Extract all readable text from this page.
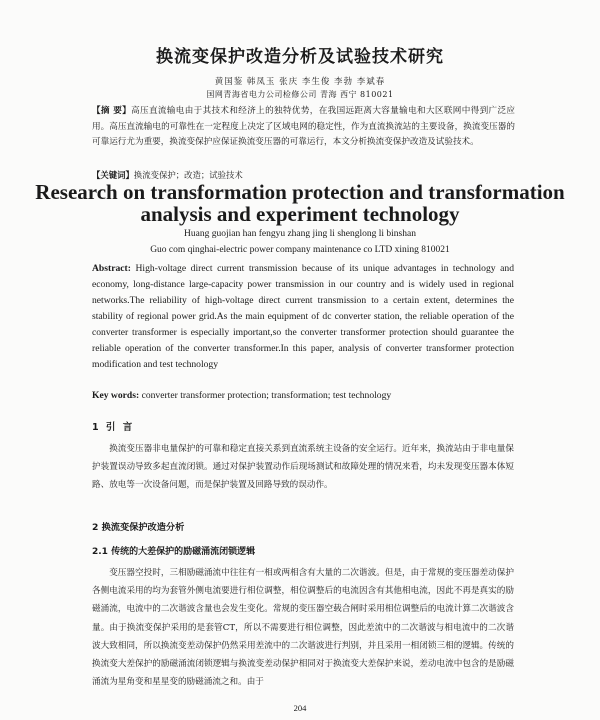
换流变保护改造分析及试验技术研究
黄国鉴 韩凤玉 张庆 李生俊 李勃 李斌春
国网青海省电力公司检修公司 青海 西宁 810021
【摘 要】高压直流输电由于其技术和经济上的独特优势，在我国远距离大容量输电和大区联网中得到广泛应用。高压直流输电的可靠性在一定程度上决定了区域电网的稳定性，作为直流换流站的主要设备，换流变压器的可靠运行尤为重要，换流变保护应保证换流变压器的可靠运行，本文分析换流变保护改造及试验技术。
【关键词】换流变保护；改造；试验技术
Research on transformation protection and transformation analysis and experiment technology
Huang guojian han fengyu zhang jing li shenglong li binshan
Guo com qinghai-electric power company maintenance co LTD xining 810021
Abstract: High-voltage direct current transmission because of its unique advantages in technology and economy, long-distance large-capacity power transmission in our country and is widely used in regional networks.The reliability of high-voltage direct current transmission to a certain extent, determines the stability of regional power grid.As the main equipment of dc converter station, the reliable operation of the converter transformer is especially important,so the converter transformer protection should guarantee the reliable operation of the converter transformer.In this paper, analysis of converter transformer protection modification and test technology
Key words: converter transformer protection; transformation; test technology
1 引 言
换流变压器非电量保护的可靠和稳定直接关系到直流系统主设备的安全运行。近年来，换流站由于非电量保护装置误动导致多起直流闭锁。通过对保护装置动作后现场测试和故障处理的情况来看，均未发现变压器本体短路、放电等一次设备问题，而是保护装置及回路导致的误动作。
2 换流变保护改造分析
2.1 传统的大差保护的励磁涌流闭锁逻辑
变压器空投时，三相励磁涌流中往往有一相或两相含有大量的二次谐波。但是，由于常规的变压器差动保护各侧电流采用的均为套管外侧电流要进行相位调整，相位调整后的电流因含有其他相电流，因此不再是真实的励磁涌流，电流中的二次谐波含量也会发生变化。常规的变压器空载合闸时采用相位调整后的电流计算二次谐波含量。由于换流变保护采用的是套管CT，所以不需要进行相位调整，因此差流中的二次谐波与相电流中的二次谐波大致相同，所以换流变差动保护仍然采用差流中的二次谐波进行判别，并且采用一相闭锁三相的逻辑。传统的换流变大差保护的励磁涌流闭锁逻辑与换流变差动保护相同对于换流变大差保护来说，差动电流中包含的是励磁涌流为星角变和星星变的励磁涌流之和。由于
204
